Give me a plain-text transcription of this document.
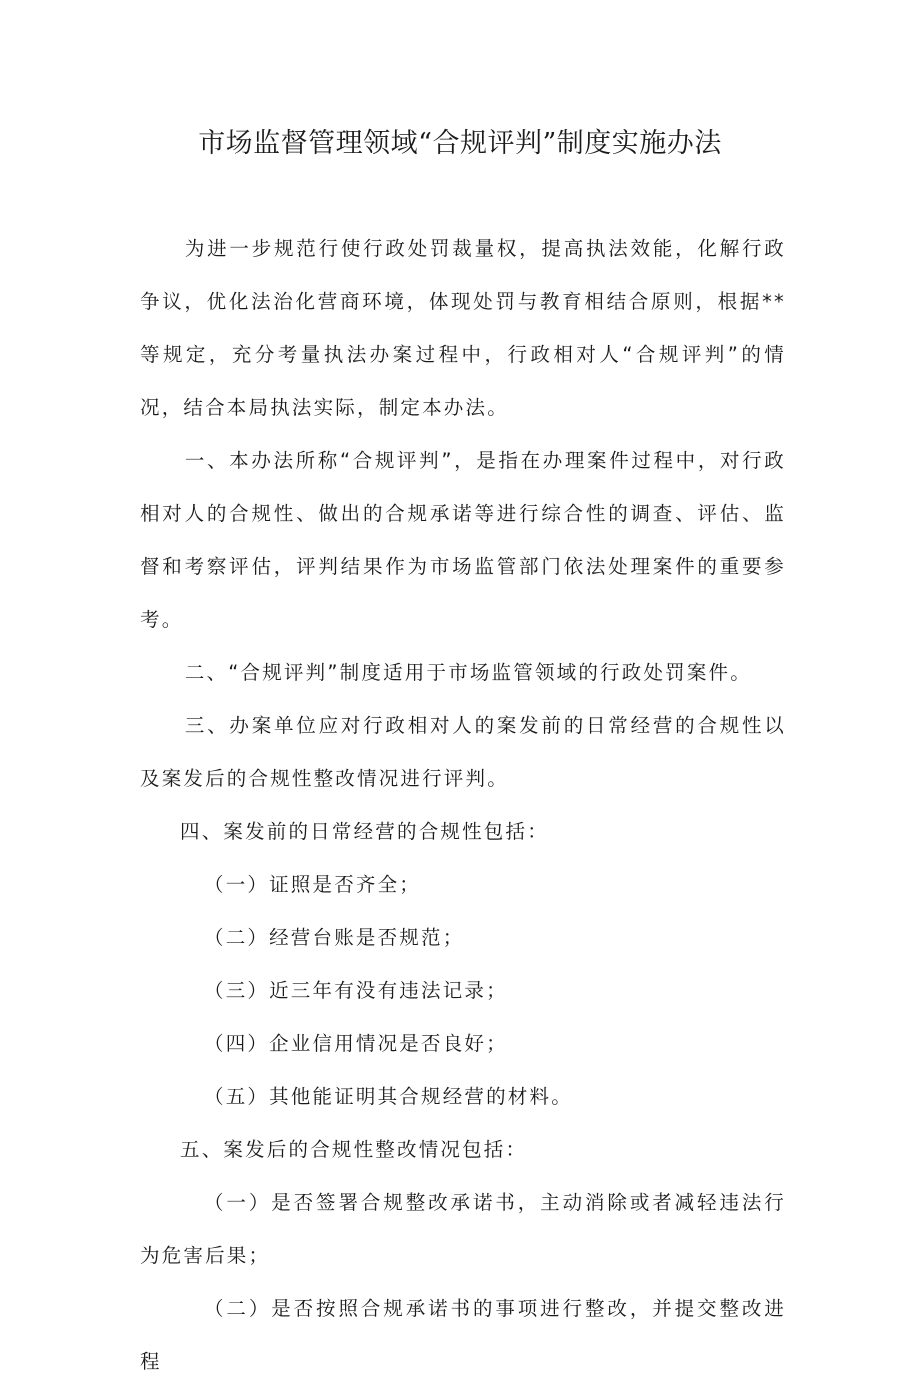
市场监督管理领域“合规评判”制度实施办法

为进一步规范行使行政处罚裁量权，提高执法效能，化解行政争议，优化法治化营商环境，体现处罚与教育相结合原则，根据**等规定，充分考量执法办案过程中，行政相对人“合规评判”的情况，结合本局执法实际，制定本办法。

一、本办法所称“合规评判”，是指在办理案件过程中，对行政相对人的合规性、做出的合规承诺等进行综合性的调查、评估、监督和考察评估，评判结果作为市场监管部门依法处理案件的重要参考。

二、“合规评判”制度适用于市场监管领域的行政处罚案件。

三、办案单位应对行政相对人的案发前的日常经营的合规性以及案发后的合规性整改情况进行评判。

四、案发前的日常经营的合规性包括：

（一）证照是否齐全；

（二）经营台账是否规范；

（三）近三年有没有违法记录；

（四）企业信用情况是否良好；

（五）其他能证明其合规经营的材料。

五、案发后的合规性整改情况包括：

（一）是否签署合规整改承诺书，主动消除或者减轻违法行为危害后果；

（二）是否按照合规承诺书的事项进行整改，并提交整改进程
